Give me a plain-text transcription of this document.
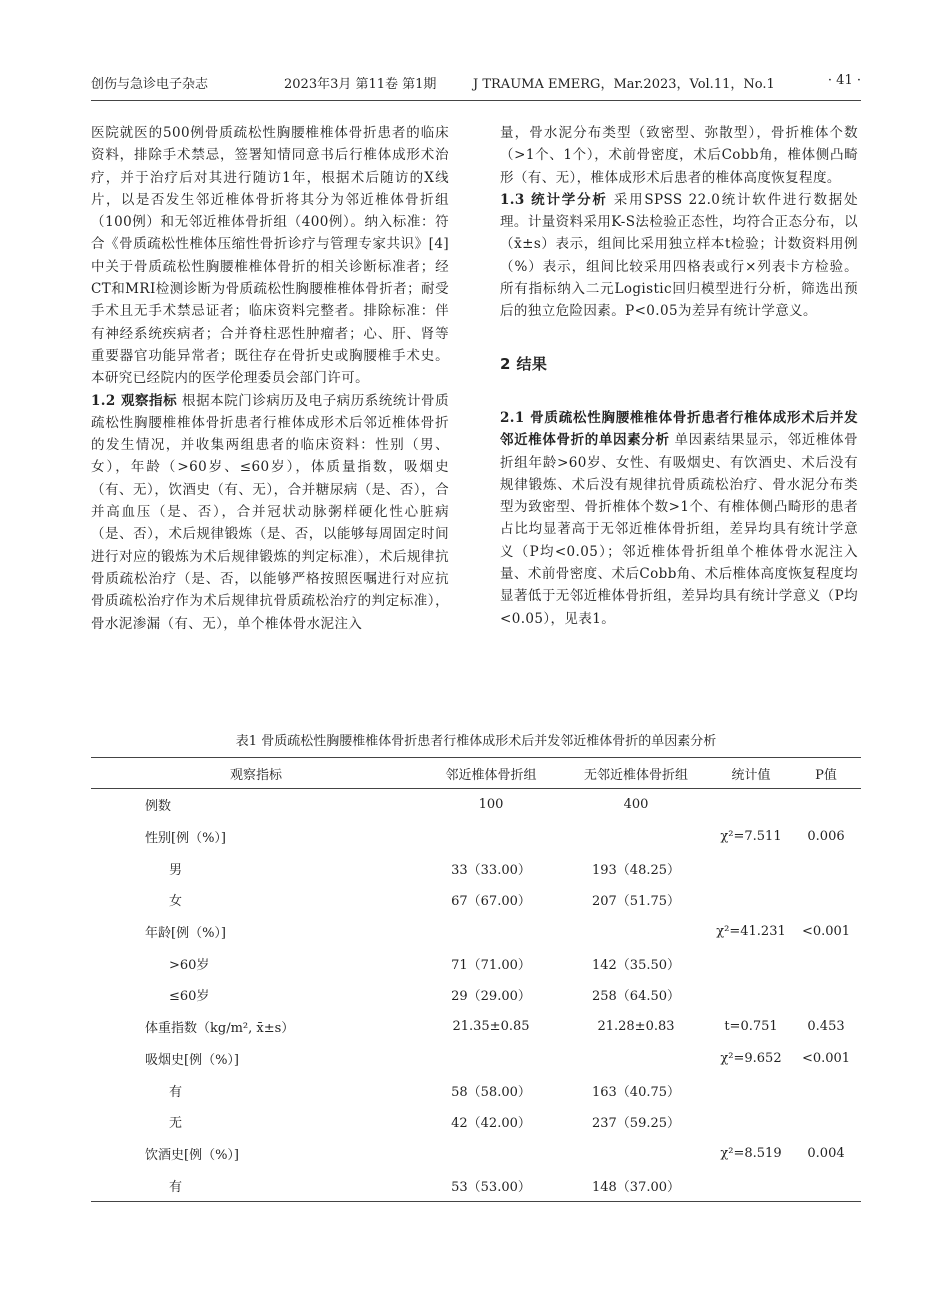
创伤与急诊电子杂志	2023年3月 第11卷 第1期	J TRAUMA EMERG，Mar.2023，Vol.11，No.1	· 41 ·

医院就医的500例骨质疏松性胸腰椎椎体骨折患者的临床资料，排除手术禁忌，签署知情同意书后行椎体成形术治疗，并于治疗后对其进行随访1年，根据术后随访的X线片，以是否发生邻近椎体骨折将其分为邻近椎体骨折组（100例）和无邻近椎体骨折组（400例）。纳入标准：符合《骨质疏松性椎体压缩性骨折诊疗与管理专家共识》[4]中关于骨质疏松性胸腰椎椎体骨折的相关诊断标准者；经CT和MRI检测诊断为骨质疏松性胸腰椎椎体骨折者；耐受手术且无手术禁忌证者；临床资料完整者。排除标准：伴有神经系统疾病者；合并脊柱恶性肿瘤者；心、肝、肾等重要器官功能异常者；既往存在骨折史或胸腰椎手术史。本研究已经院内的医学伦理委员会部门许可。

1.2 观察指标 根据本院门诊病历及电子病历系统统计骨质疏松性胸腰椎椎体骨折患者行椎体成形术后邻近椎体骨折的发生情况，并收集两组患者的临床资料：性别（男、女），年龄（>60岁、≤60岁），体质量指数，吸烟史（有、无），饮酒史（有、无），合并糖尿病（是、否），合并高血压（是、否），合并冠状动脉粥样硬化性心脏病（是、否），术后规律锻炼（是、否，以能够每周固定时间进行对应的锻炼为术后规律锻炼的判定标准），术后规律抗骨质疏松治疗（是、否，以能够严格按照医嘱进行对应抗骨质疏松治疗作为术后规律抗骨质疏松治疗的判定标准），骨水泥渗漏（有、无），单个椎体骨水泥注入

量，骨水泥分布类型（致密型、弥散型），骨折椎体个数（>1个、1个），术前骨密度，术后Cobb角，椎体侧凸畸形（有、无），椎体成形术后患者的椎体高度恢复程度。

1.3 统计学分析 采用SPSS 22.0统计软件进行数据处理。计量资料采用K-S法检验正态性，均符合正态分布，以（x̄±s）表示，组间比采用独立样本t检验；计数资料用例（%）表示，组间比较采用四格表或行×列表卡方检验。所有指标纳入二元Logistic回归模型进行分析，筛选出预后的独立危险因素。P<0.05为差异有统计学意义。

2 结果

2.1 骨质疏松性胸腰椎椎体骨折患者行椎体成形术后并发邻近椎体骨折的单因素分析 单因素结果显示，邻近椎体骨折组年龄>60岁、女性、有吸烟史、有饮酒史、术后没有规律锻炼、术后没有规律抗骨质疏松治疗、骨水泥分布类型为致密型、骨折椎体个数>1个、有椎体侧凸畸形的患者占比均显著高于无邻近椎体骨折组，差异均具有统计学意义（P均<0.05）；邻近椎体骨折组单个椎体骨水泥注入量、术前骨密度、术后Cobb角、术后椎体高度恢复程度均显著低于无邻近椎体骨折组，差异均具有统计学意义（P均<0.05），见表1。

表1 骨质疏松性胸腰椎椎体骨折患者行椎体成形术后并发邻近椎体骨折的单因素分析
观察指标	邻近椎体骨折组	无邻近椎体骨折组	统计值	P值
例数	100	400		
性别[例（%）]			χ²=7.511	0.006
男	33（33.00）	193（48.25）		
女	67（67.00）	207（51.75）		
年龄[例（%）]			χ²=41.231	<0.001
>60岁	71（71.00）	142（35.50）		
≤60岁	29（29.00）	258（64.50）		
体重指数（kg/m², x̄±s）	21.35±0.85	21.28±0.83	t=0.751	0.453
吸烟史[例（%）]			χ²=9.652	<0.001
有	58（58.00）	163（40.75）		
无	42（42.00）	237（59.25）		
饮酒史[例（%）]			χ²=8.519	0.004
有	53（53.00）	148（37.00）		
